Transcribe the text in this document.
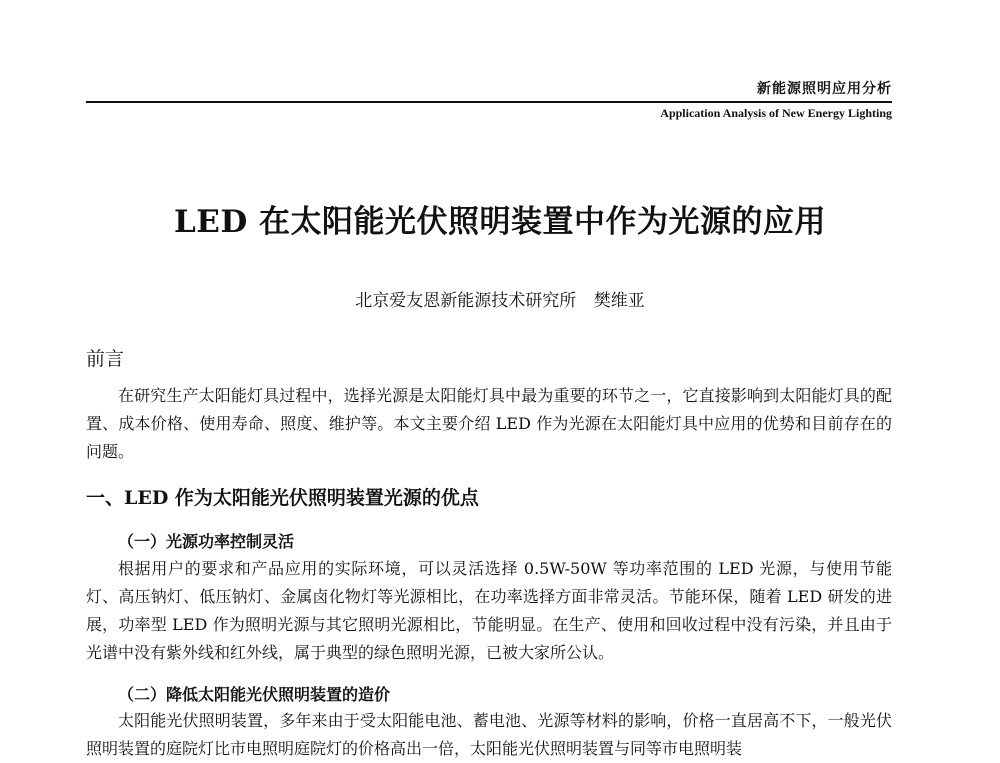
新能源照明应用分析
Application Analysis of New Energy Lighting
LED 在太阳能光伏照明装置中作为光源的应用
北京爱友恩新能源技术研究所 樊维亚
前言
在研究生产太阳能灯具过程中，选择光源是太阳能灯具中最为重要的环节之一，它直接影响到太阳能灯具的配置、成本价格、使用寿命、照度、维护等。本文主要介绍 LED 作为光源在太阳能灯具中应用的优势和目前存在的问题。
一、LED 作为太阳能光伏照明装置光源的优点
（一）光源功率控制灵活
根据用户的要求和产品应用的实际环境，可以灵活选择 0.5W-50W 等功率范围的 LED 光源，与使用节能灯、高压钠灯、低压钠灯、金属卤化物灯等光源相比，在功率选择方面非常灵活。节能环保，随着 LED 研发的进展，功率型 LED 作为照明光源与其它照明光源相比，节能明显。在生产、使用和回收过程中没有污染，并且由于光谱中没有紫外线和红外线，属于典型的绿色照明光源，已被大家所公认。
（二）降低太阳能光伏照明装置的造价
太阳能光伏照明装置，多年来由于受太阳能电池、蓄电池、光源等材料的影响，价格一直居高不下，一般光伏照明装置的庭院灯比市电照明庭院灯的价格高出一倍，太阳能光伏照明装置与同等市电照明装
